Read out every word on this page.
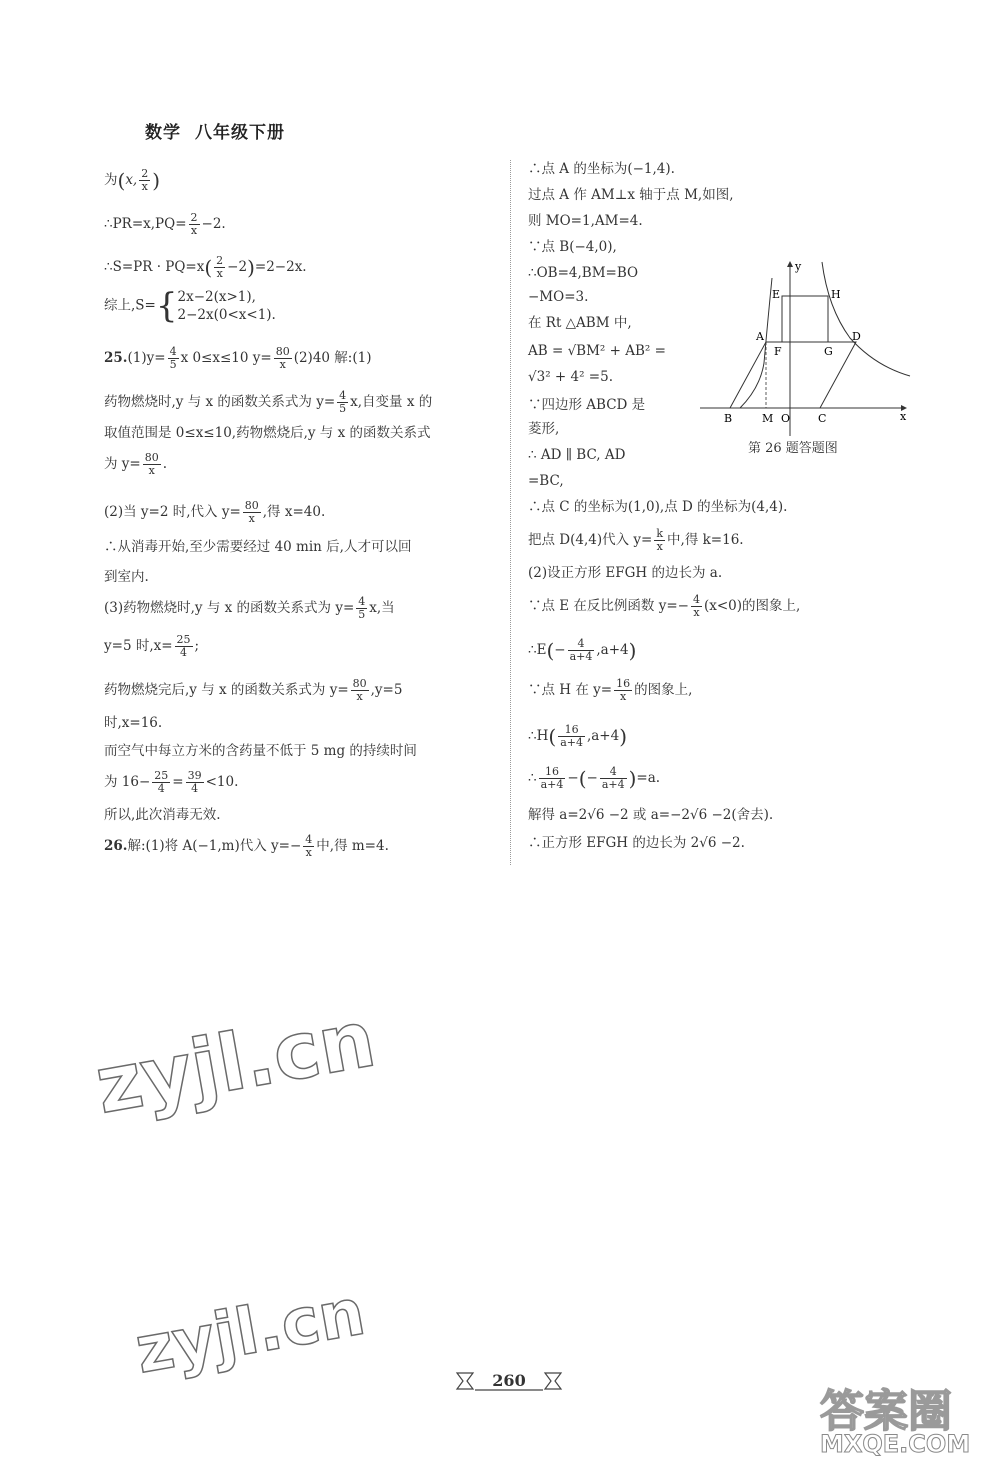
数学 八年级下册
为(x, $\frac{2}{x}$ )
∴PR=x,PQ= $\frac{2}{x} -2$.
∴S=PR · $PQ=x( \frac{2}{x} -2)=2-2x$.
综上,S={ 2x−2(x>1),
2−2x(0<x<1).
$25.(1)y= \frac{4}{5}$ x 0≤x≤10 $y= \frac{80}{x} (2)40$ 解:(1)
药物燃烧时,y 与 x 的函数关系式为 $y= \frac{4}{5} x$,自变量 x 的
取值范围是 0≤x≤10,药物燃烧后,y 与 x 的函数关系式
为 $y= \frac{80}{x}$ .
(2)当 y=2 时,代入 $y= \frac{80}{x}$ ,得 x=40.
∴从消毒开始,至少需要经过 40 min 后,人才可以回
到室内.
(3)药物燃烧时,y 与 x 的函数关系式为 $y= \frac{4}{5} x$,当
y=5 时$,x= \frac{25}{4}$ ;
药物燃烧完后,y 与 x 的函数关系式为 $y= \frac{80}{x} ,y=5$
时,x=16.
而空气中每立方米的含药量不低于 5 mg 的持续时间
为 $16- \frac{25}{4} = \frac{39}{4} <10$.
所以,此次消毒无效.
26.解:(1)将 A(−1,m)代入 $y=- \frac{4}{x}$ 中,得 m=4.
∴点 A 的坐标为(−1,4).
过点 A 作 AM⊥x 轴于点 M,如图,
则 MO=1,AM=4.
∵点 B(−4,0),
∴OB=4,BM=BO
−MO=3.
在 Rt △ABM 中,
AB = √BM² + AB² =
√3² + 4² =5.
∵四边形 ABCD 是
菱形,
∴ AD ∥ BC, AD
=BC,
∴点 C 的坐标为(1,0),点 D 的坐标为(4,4).
把点 D(4,4)代入 $y= \frac{k}{x}$ 中,得 k=16.
(2)设正方形 EFGH 的边长为 a.
∵点 E 在反比例函数 $y=- \frac{4}{x} (x<0)$的图象上,
∴E(− $\frac{4}{a+4} ,a+4$)
∵点 H 在 $y= \frac{16}{x}$ 的图象上,
∴H( $\frac{16}{a+4} ,a+4$)
∴ $\frac{16}{a+4}$ −(− $\frac{4}{a+4} )=a$.
解得 a=2√6 −2 或 a=−2√6 −2(舍去).
∴正方形 EFGH 的边长为 2√6 −2.
y
x
E	H
A
F	G
D
B	M O	C
第 26 题答题图
zyjl.cn
zyjl.cn	260
答案圈
MXQE.COM
